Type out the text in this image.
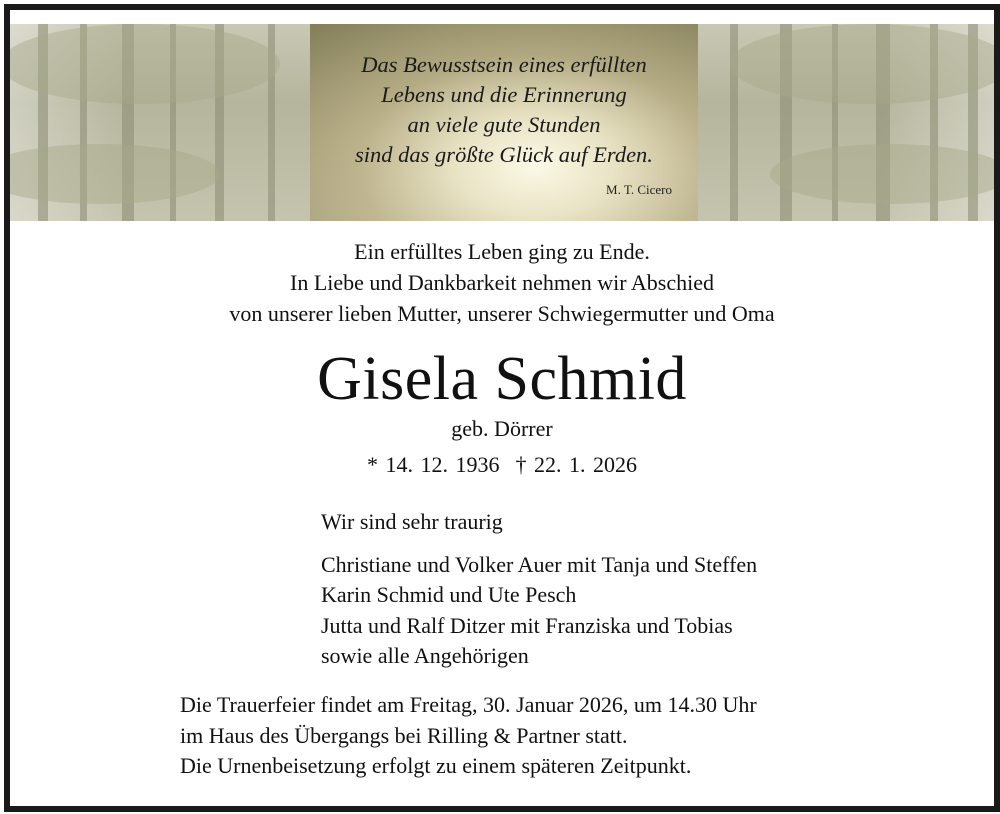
Das Bewusstsein eines erfüllten
Lebens und die Erinnerung
an viele gute Stunden
sind das größte Glück auf Erden.
M. T. Cicero
Ein erfülltes Leben ging zu Ende.
In Liebe und Dankbarkeit nehmen wir Abschied
von unserer lieben Mutter, unserer Schwiegermutter und Oma
Gisela Schmid
geb. Dörrer
* 14. 12. 1936 † 22. 1. 2026
Wir sind sehr traurig
Christiane und Volker Auer mit Tanja und Steffen
Karin Schmid und Ute Pesch
Jutta und Ralf Ditzer mit Franziska und Tobias
sowie alle Angehörigen
Die Trauerfeier findet am Freitag, 30. Januar 2026, um 14.30 Uhr
im Haus des Übergangs bei Rilling & Partner statt.
Die Urnenbeisetzung erfolgt zu einem späteren Zeitpunkt.
